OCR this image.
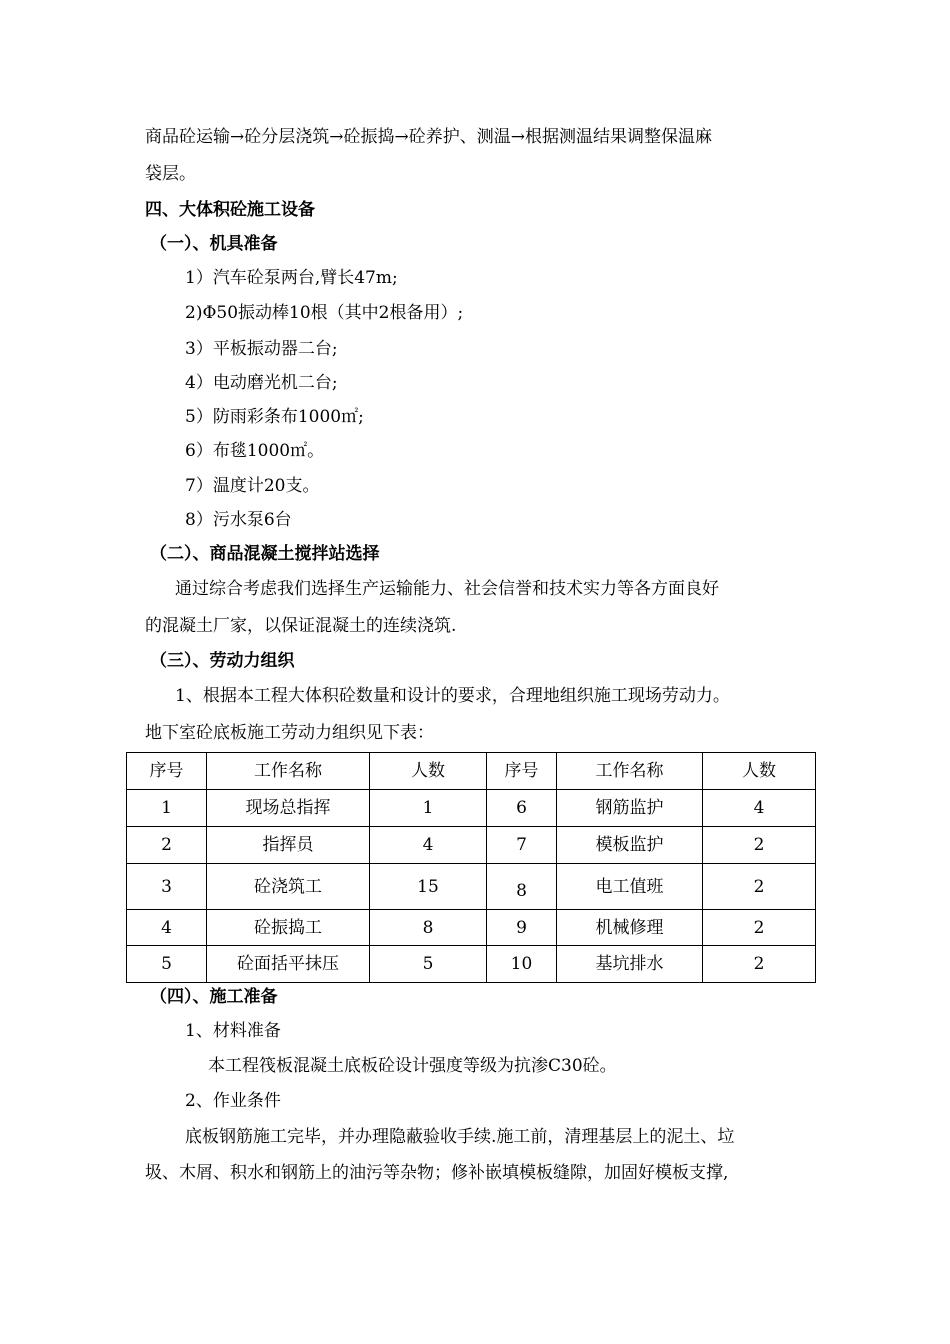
商品砼运输→砼分层浇筑→砼振捣→砼养护、测温→根据测温结果调整保温麻
袋层。
四、大体积砼施工设备
（一）、机具准备
1）汽车砼泵两台,臂长47m;
2)Φ50振动棒10根（其中2根备用）;
3）平板振动器二台;
4）电动磨光机二台;
5）防雨彩条布1000㎡;
6）布毯1000㎡。
7）温度计20支。
8）污水泵6台
（二）、商品混凝土搅拌站选择
通过综合考虑我们选择生产运输能力、社会信誉和技术实力等各方面良好
的混凝土厂家，以保证混凝土的连续浇筑.
（三）、劳动力组织
1、根据本工程大体积砼数量和设计的要求，合理地组织施工现场劳动力。
地下室砼底板施工劳动力组织见下表：
序号	工作名称	人数	序号	工作名称	人数
1	现场总指挥	1	6	钢筋监护	4
2	指挥员	4	7	模板监护	2
3	砼浇筑工	15	8	电工值班	2
4	砼振捣工	8	9	机械修理	2
5	砼面括平抹压	5	10	基坑排水	2
（四）、施工准备
1、材料准备
本工程筏板混凝土底板砼设计强度等级为抗渗C30砼。
2、作业条件
底板钢筋施工完毕，并办理隐蔽验收手续.施工前，清理基层上的泥土、垃
圾、木屑、积水和钢筋上的油污等杂物；修补嵌填模板缝隙，加固好模板支撑,
